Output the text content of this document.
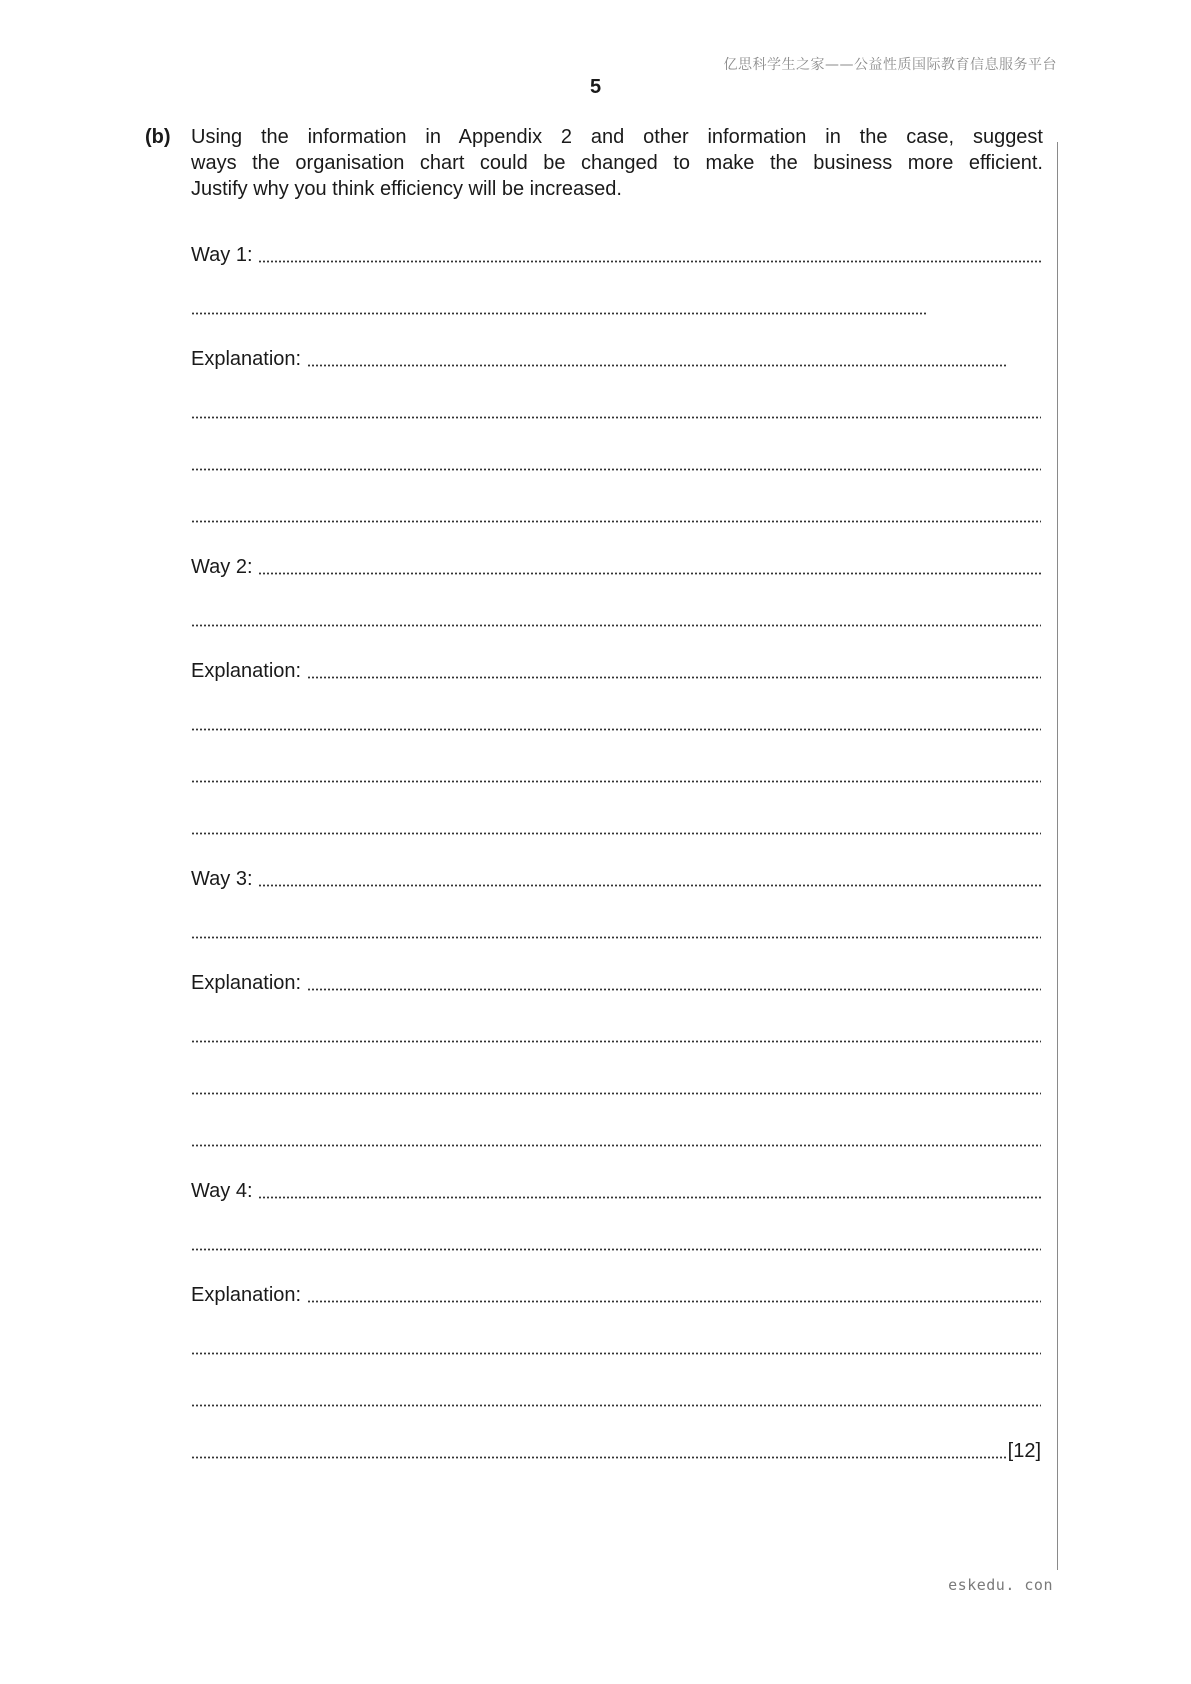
亿思科学生之家——公益性质国际教育信息服务平台
5
(b) Using the information in Appendix 2 and other information in the case, suggest
ways the organisation chart could be changed to make the business more efficient.
Justify why you think efficiency will be increased.
Way 1:

Explanation:

Way 2:

Explanation:

Way 3:

Explanation:

Way 4:

Explanation:

[12]
eskedu. con
